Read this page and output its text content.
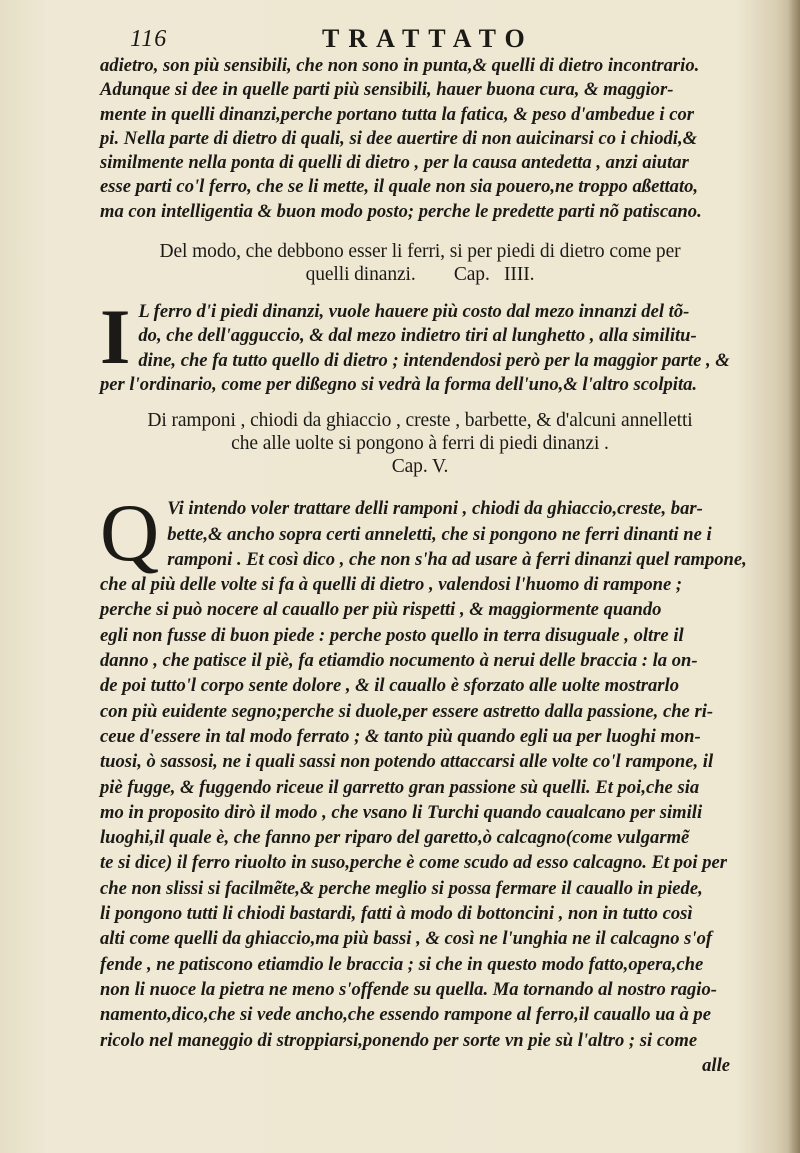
116	TRATTATO
adietro, son più sensibili, che non sono in punta,& quelli di dietro incontrario.
Adunque si dee in quelle parti più sensibili, hauer buona cura, & maggior-
mente in quelli dinanzi,perche portano tutta la fatica, & peso d'ambedue i cor
pi. Nella parte di dietro di quali, si dee auertire di non auicinarsi co i chiodi,&
similmente nella ponta di quelli di dietro , per la causa antedetta , anzi aiutar
esse parti co'l ferro, che se li mette, il quale non sia pouero,ne troppo aßettato,
ma con intelligentia & buon modo posto; perche le predette parti nõ patiscano.
Del modo, che debbono esser li ferri, si per piedi di dietro come per
quelli dinanzi.        Cap.   IIII.
I L ferro d'i piedi dinanzi, vuole hauere più costo dal mezo innanzi del tõ-
do, che dell'agguccio, & dal mezo indietro tiri al lunghetto , alla similitu-
dine, che fa tutto quello di dietro ; intendendosi però per la maggior parte , &
per l'ordinario, come per dißegno si vedrà la forma dell'uno,& l'altro scolpita.
Di ramponi , chiodi da ghiaccio , creste , barbette, & d'alcuni annelletti
che alle uolte si pongono à ferri di piedi dinanzi .
Cap. V.
Q Vi intendo voler trattare delli ramponi , chiodi da ghiaccio,creste, bar-
bette,& ancho sopra certi anneletti, che si pongono ne ferri dinanti ne i
ramponi . Et così dico , che non s'ha ad usare à ferri dinanzi quel rampone,
che al più delle volte si fa à quelli di dietro , valendosi l'huomo di rampone ;
perche si può nocere al cauallo per più rispetti , & maggiormente quando
egli non fusse di buon piede : perche posto quello in terra disuguale , oltre il
danno , che patisce il piè, fa etiamdio nocumento à nerui delle braccia : la on-
de poi tutto'l corpo sente dolore , & il cauallo è sforzato alle uolte mostrarlo
con più euidente segno;perche si duole,per essere astretto dalla passione, che ri-
ceue d'essere in tal modo ferrato ; & tanto più quando egli ua per luoghi mon-
tuosi, ò sassosi, ne i quali sassi non potendo attaccarsi alle volte co'l rampone, il
piè fugge, & fuggendo riceue il garretto gran passione sù quelli. Et poi,che sia
mo in proposito dirò il modo , che vsano li Turchi quando caualcano per simili
luoghi,il quale è, che fanno per riparo del garetto,ò calcagno(come vulgarmẽ
te si dice) il ferro riuolto in suso,perche è come scudo ad esso calcagno. Et poi per
che non slissi si facilmẽte,& perche meglio si possa fermare il cauallo in piede,
li pongono tutti li chiodi bastardi, fatti à modo di bottoncini , non in tutto così
alti come quelli da ghiaccio,ma più bassi , & così ne l'unghia ne il calcagno s'of
fende , ne patiscono etiamdio le braccia ; si che in questo modo fatto,opera,che
non li nuoce la pietra ne meno s'offende su quella. Ma tornando al nostro ragio-
namento,dico,che si vede ancho,che essendo rampone al ferro,il cauallo ua à pe
ricolo nel maneggio di stroppiarsi,ponendo per sorte vn pie sù l'altro ; si come
alle
